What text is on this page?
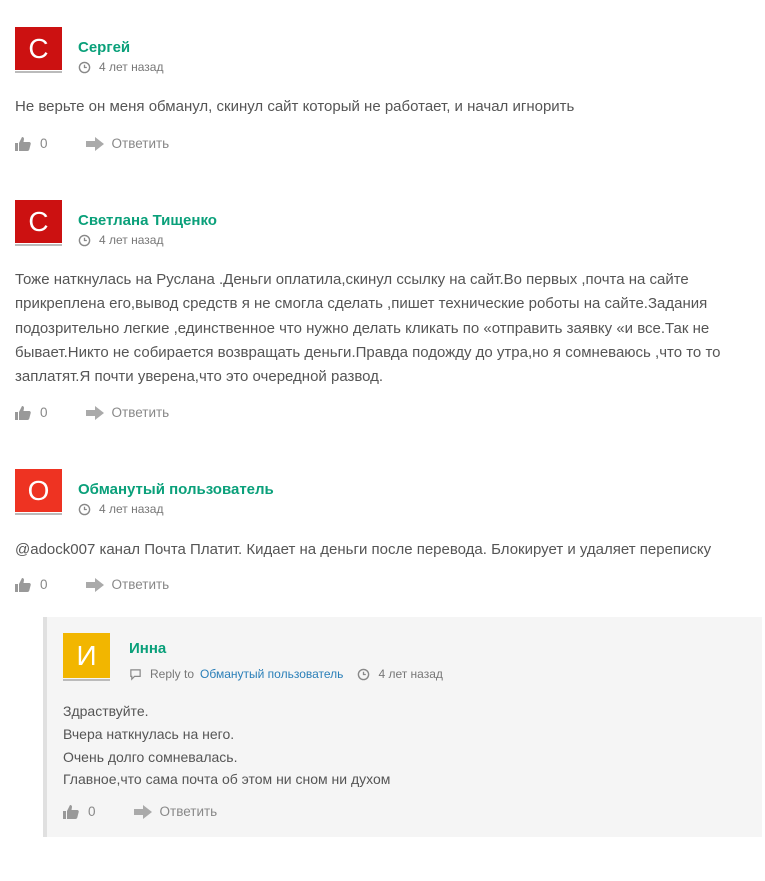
С	Сергей
4 лет назад
Не верьте он меня обманул, скинул сайт который не работает, и начал игнорить
0	Ответить
С	Светлана Тищенко
4 лет назад
Тоже наткнулась на Руслана .Деньги оплатила,скинул ссылку на сайт.Во первых ,почта на сайте
прикреплена его,вывод средств я не смогла сделать ,пишет технические роботы на сайте.Задания
подозрительно легкие ,единственное что нужно делать кликать по «отправить заявку «и все.Так не
бывает.Никто не собирается возвращать деньги.Правда подожду до утра,но я сомневаюсь ,что то то
заплатят.Я почти уверена,что это очередной развод.
0	Ответить
О	Обманутый пользователь
4 лет назад
@adock007 канал Почта Платит. Кидает на деньги после перевода. Блокирует и удаляет переписку
0	Ответить
И	Инна
Reply to Обманутый пользователь	4 лет назад
Здраствуйте.
Вчера наткнулась на него.
Очень долго сомневалась.
Главное,что сама почта об этом ни сном ни духом
0	Ответить
